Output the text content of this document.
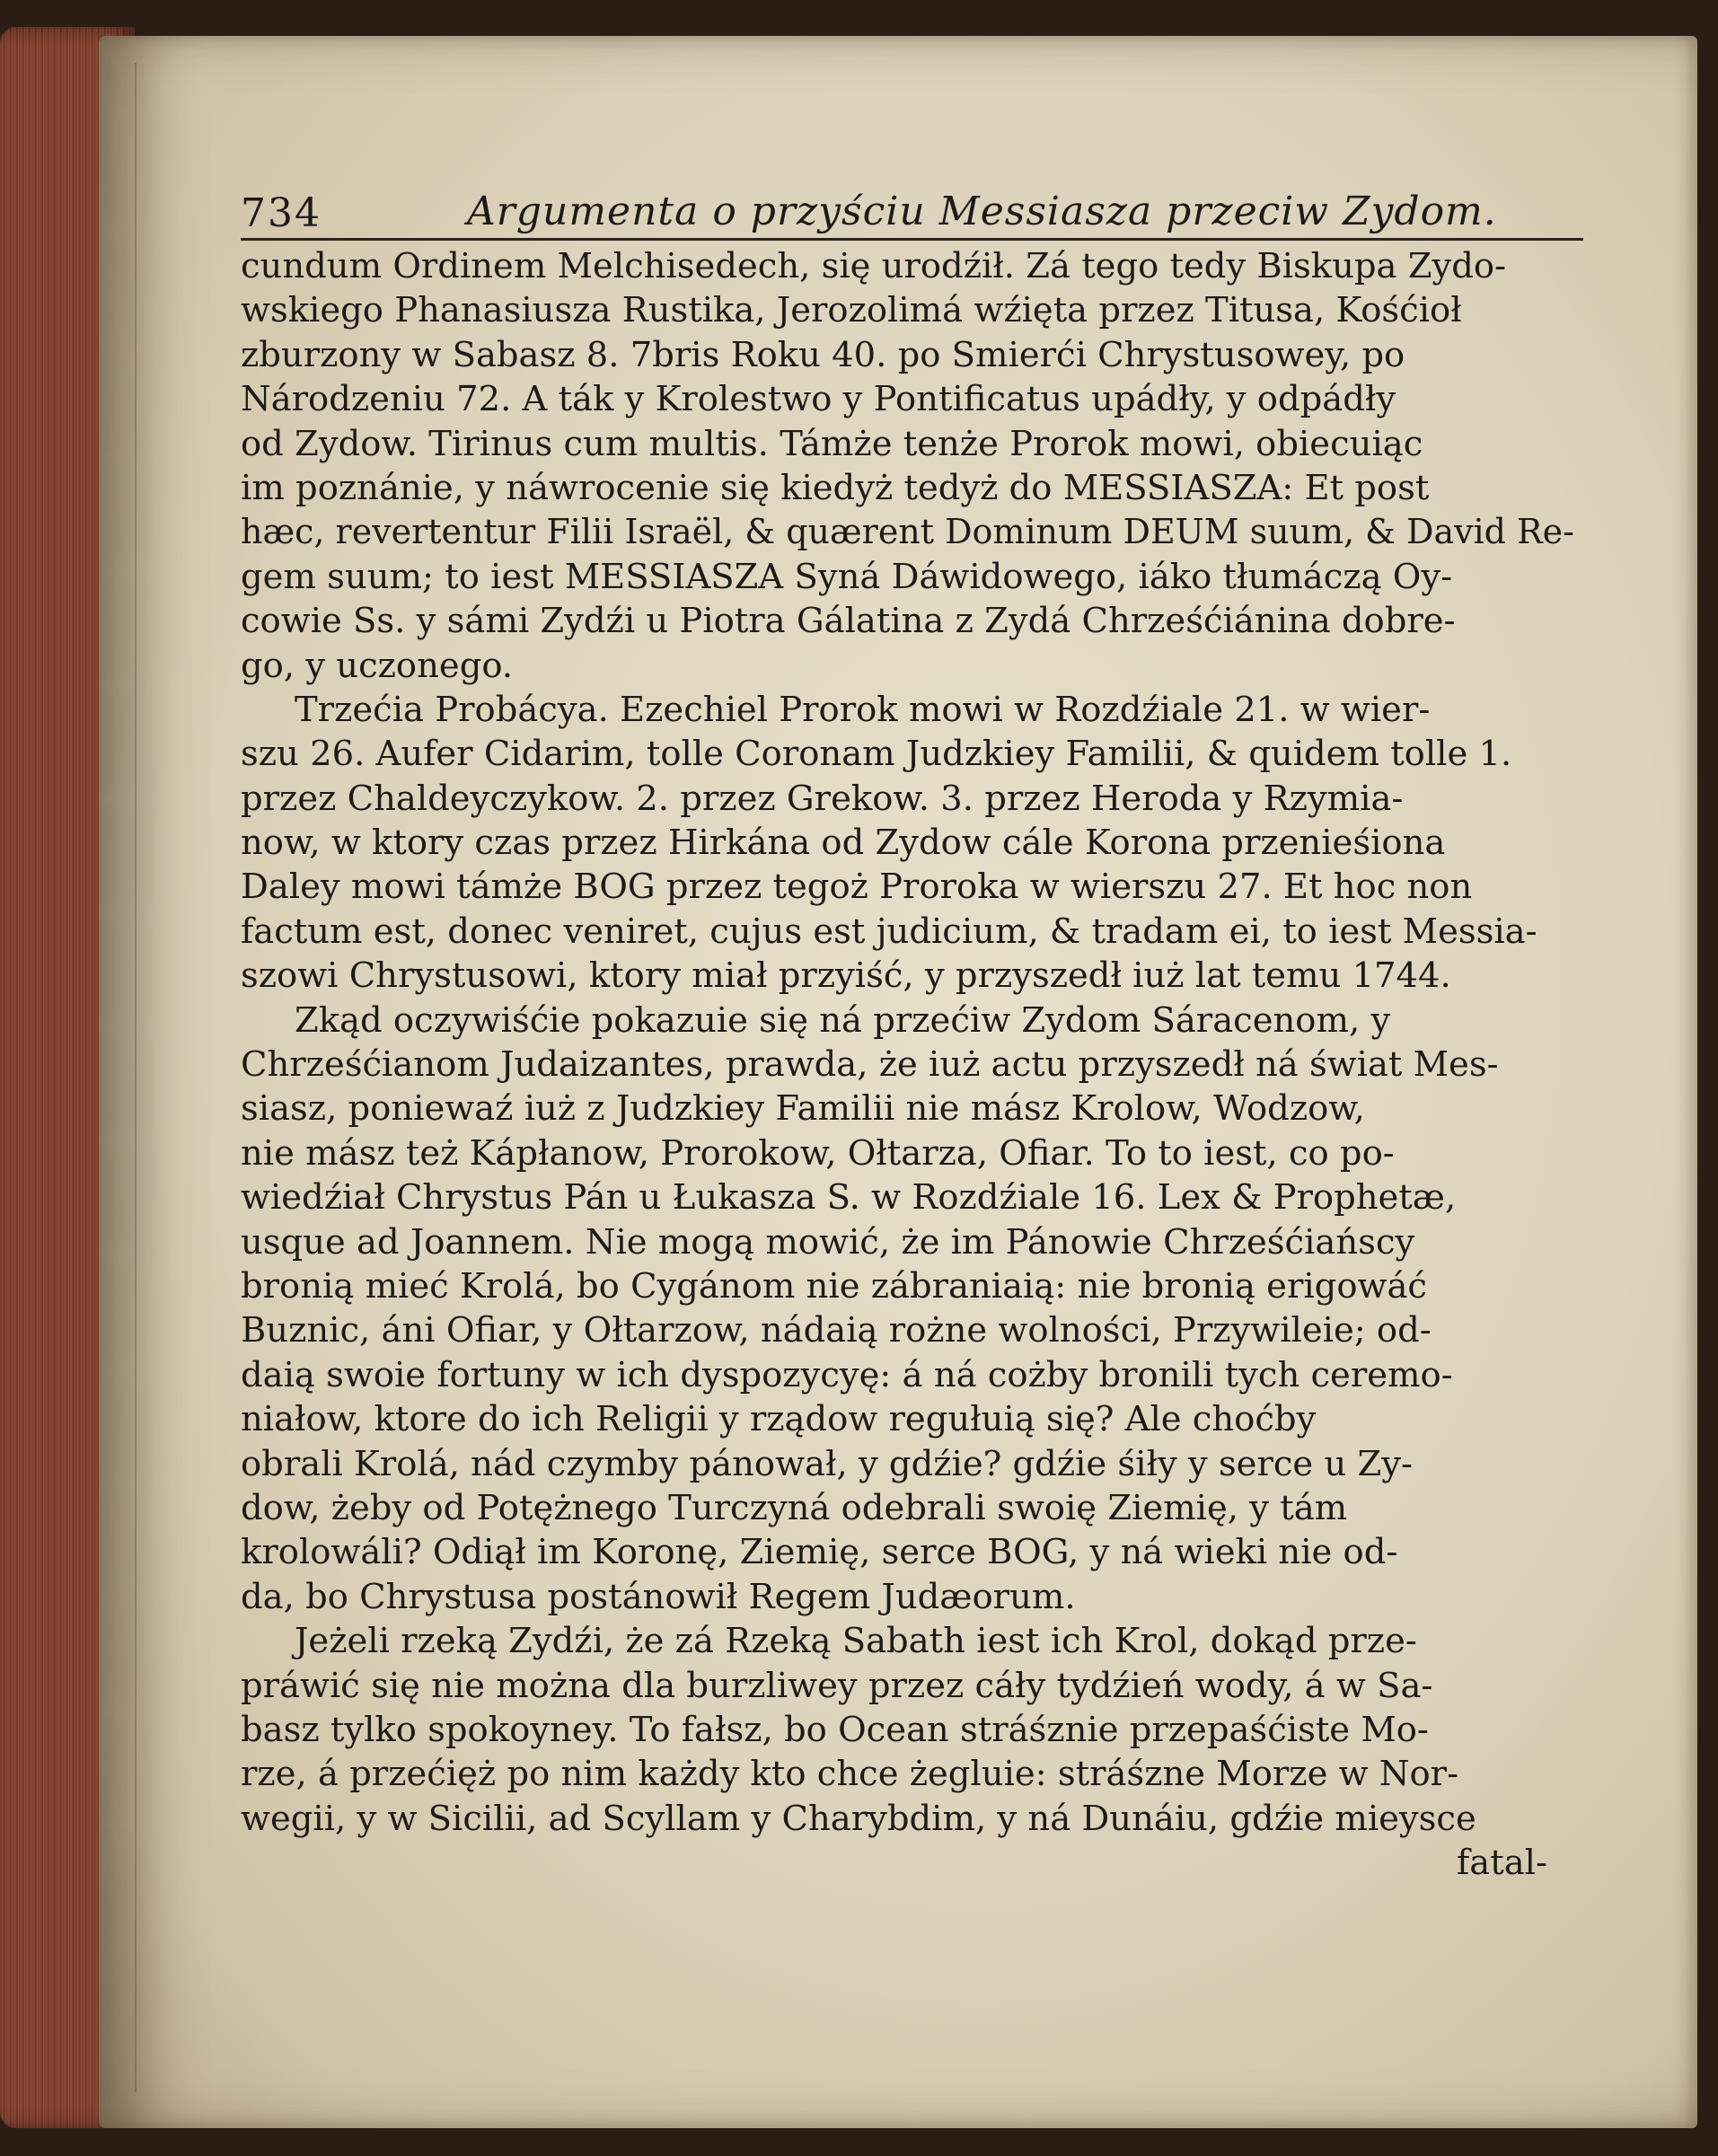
734	Argumenta o przyściu Messiasza przeciw Zydom.
cundum Ordinem Melchisedech, się urodźił. Zá tego tedy Biskupa Zydo-
wskiego Phanasiusza Rustika, Jerozolimá wźięta przez Titusa, Kośćioł
zburzony w Sabasz 8. 7bris Roku 40. po Smierći Chrystusowey, po
Národzeniu 72. A ták y Krolestwo y Pontificatus upádły, y odpádły
od Zydow. Tirinus cum multis. Támże tenże Prorok mowi, obiecuiąc
im poznánie, y náwrocenie się kiedyż tedyż do MESSIASZA: Et post
hæc, revertentur Filii Israël, & quærent Dominum DEUM suum, & David Re-
gem suum; to iest MESSIASZA Syná Dáwidowego, iáko tłumáczą Oy-
cowie Ss. y sámi Zydźi u Piotra Gálatina z Zydá Chrześćiánina dobre-
go, y uczonego.
Trzećia Probácya. Ezechiel Prorok mowi w Rozdźiale 21. w wier-
szu 26. Aufer Cidarim, tolle Coronam Judzkiey Familii, & quidem tolle 1.
przez Chaldeyczykow. 2. przez Grekow. 3. przez Heroda y Rzymia-
now, w ktory czas przez Hirkána od Zydow cále Korona przenieśiona
Daley mowi támże BOG przez tegoż Proroka w wierszu 27. Et hoc non
factum est, donec veniret, cujus est judicium, & tradam ei, to iest Messia-
szowi Chrystusowi, ktory miał przyiść, y przyszedł iuż lat temu 1744.
Zkąd oczywiśćie pokazuie się ná przećiw Zydom Sáracenom, y
Chrześćianom Judaizantes, prawda, że iuż actu przyszedł ná świat Mes-
siasz, poniewaź iuż z Judzkiey Familii nie mász Krolow, Wodzow,
nie mász też Kápłanow, Prorokow, Ołtarza, Ofiar. To to iest, co po-
wiedźiał Chrystus Pán u Łukasza S. w Rozdźiale 16. Lex & Prophetæ,
usque ad Joannem. Nie mogą mowić, że im Pánowie Chrześćiańscy
bronią mieć Krolá, bo Cygánom nie zábraniaią: nie bronią erigowáć
Buznic, áni Ofiar, y Ołtarzow, nádaią rożne wolności, Przywileie; od-
daią swoie fortuny w ich dyspozycyę: á ná cożby bronili tych ceremo-
niałow, ktore do ich Religii y rządow regułuią się? Ale choćby
obrali Krolá, nád czymby pánował, y gdźie? gdźie śiły y serce u Zy-
dow, żeby od Potężnego Turczyná odebrali swoię Ziemię, y tám
krolowáli? Odiął im Koronę, Ziemię, serce BOG, y ná wieki nie od-
da, bo Chrystusa postánowił Regem Judæorum.
Jeżeli rzeką Zydźi, że zá Rzeką Sabath iest ich Krol, dokąd prze-
práwić się nie można dla burzliwey przez cáły tydźień wody, á w Sa-
basz tylko spokoyney. To fałsz, bo Ocean stráśznie przepaśćiste Mo-
rze, á przećięż po nim każdy kto chce żegluie: stráśzne Morze w Nor-
wegii, y w Sicilii, ad Scyllam y Charybdim, y ná Dunáiu, gdźie mieysce
fatal-
